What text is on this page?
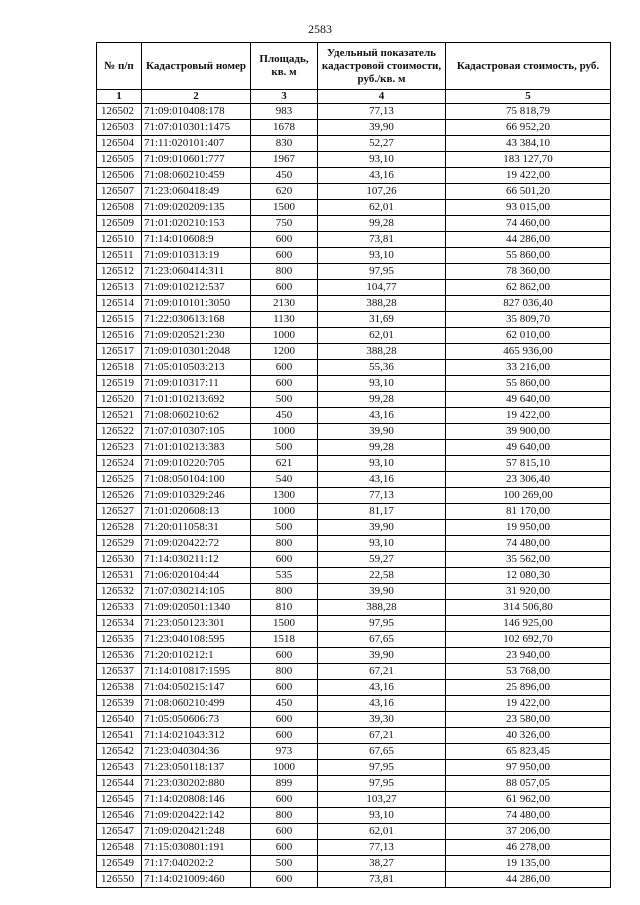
2583
№ п/п	Кадастровый номер	Площадь, кв. м	Удельный показатель кадастровой стоимости, руб./кв. м	Кадастровая стоимость, руб.
1	2	3	4	5
126502	71:09:010408:178	983	77,13	75 818,79
126503	71:07:010301:1475	1678	39,90	66 952,20
126504	71:11:020101:407	830	52,27	43 384,10
126505	71:09:010601:777	1967	93,10	183 127,70
126506	71:08:060210:459	450	43,16	19 422,00
126507	71:23:060418:49	620	107,26	66 501,20
126508	71:09:020209:135	1500	62,01	93 015,00
126509	71:01:020210:153	750	99,28	74 460,00
126510	71:14:010608:9	600	73,81	44 286,00
126511	71:09:010313:19	600	93,10	55 860,00
126512	71:23:060414:311	800	97,95	78 360,00
126513	71:09:010212:537	600	104,77	62 862,00
126514	71:09:010101:3050	2130	388,28	827 036,40
126515	71:22:030613:168	1130	31,69	35 809,70
126516	71:09:020521:230	1000	62,01	62 010,00
126517	71:09:010301:2048	1200	388,28	465 936,00
126518	71:05:010503:213	600	55,36	33 216,00
126519	71:09:010317:11	600	93,10	55 860,00
126520	71:01:010213:692	500	99,28	49 640,00
126521	71:08:060210:62	450	43,16	19 422,00
126522	71:07:010307:105	1000	39,90	39 900,00
126523	71:01:010213:383	500	99,28	49 640,00
126524	71:09:010220:705	621	93,10	57 815,10
126525	71:08:050104:100	540	43,16	23 306,40
126526	71:09:010329:246	1300	77,13	100 269,00
126527	71:01:020608:13	1000	81,17	81 170,00
126528	71:20:011058:31	500	39,90	19 950,00
126529	71:09:020422:72	800	93,10	74 480,00
126530	71:14:030211:12	600	59,27	35 562,00
126531	71:06:020104:44	535	22,58	12 080,30
126532	71:07:030214:105	800	39,90	31 920,00
126533	71:09:020501:1340	810	388,28	314 506,80
126534	71:23:050123:301	1500	97,95	146 925,00
126535	71:23:040108:595	1518	67,65	102 692,70
126536	71:20:010212:1	600	39,90	23 940,00
126537	71:14:010817:1595	800	67,21	53 768,00
126538	71:04:050215:147	600	43,16	25 896,00
126539	71:08:060210:499	450	43,16	19 422,00
126540	71:05:050606:73	600	39,30	23 580,00
126541	71:14:021043:312	600	67,21	40 326,00
126542	71:23:040304:36	973	67,65	65 823,45
126543	71:23:050118:137	1000	97,95	97 950,00
126544	71:23:030202:880	899	97,95	88 057,05
126545	71:14:020808:146	600	103,27	61 962,00
126546	71:09:020422:142	800	93,10	74 480,00
126547	71:09:020421:248	600	62,01	37 206,00
126548	71:15:030801:191	600	77,13	46 278,00
126549	71:17:040202:2	500	38,27	19 135,00
126550	71:14:021009:460	600	73,81	44 286,00
